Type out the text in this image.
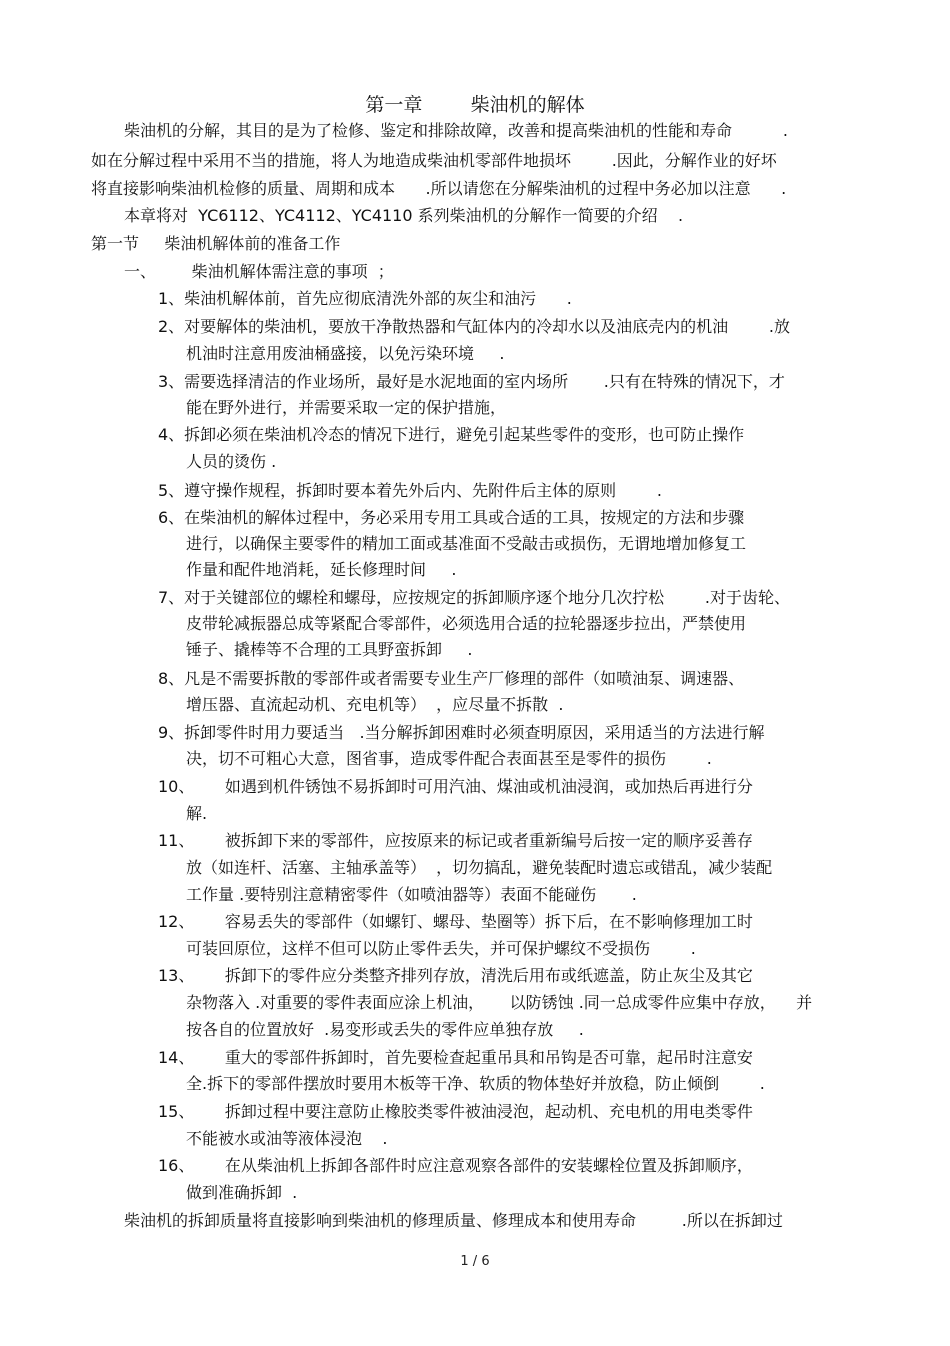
第一章        柴油机的解体
柴油机的分解，其目的是为了检修、鉴定和排除故障，改善和提高柴油机的性能和寿命          .
如在分解过程中采用不当的措施，将人为地造成柴油机零部件地损坏        .因此，分解作业的好坏
将直接影响柴油机检修的质量、周期和成本      .所以请您在分解柴油机的过程中务必加以注意      .
本章将对  YC6112、YC4112、YC4110 系列柴油机的分解作一简要的介绍    .
第一节     柴油机解体前的准备工作
一、       柴油机解体需注意的事项  ；
1、柴油机解体前，首先应彻底清洗外部的灰尘和油污      .
2、对要解体的柴油机，要放干净散热器和气缸体内的冷却水以及油底壳内的机油        .放
机油时注意用废油桶盛接，以免污染环境     .
3、需要选择清洁的作业场所，最好是水泥地面的室内场所       .只有在特殊的情况下，才
能在野外进行，并需要采取一定的保护措施，
4、拆卸必须在柴油机冷态的情况下进行，避免引起某些零件的变形，也可防止操作
人员的烫伤 .
5、遵守操作规程，拆卸时要本着先外后内、先附件后主体的原则        .
6、在柴油机的解体过程中，务必采用专用工具或合适的工具，按规定的方法和步骤
进行，以确保主要零件的精加工面或基准面不受敲击或损伤，无谓地增加修复工
作量和配件地消耗，延长修理时间     .
7、对于关键部位的螺栓和螺母，应按规定的拆卸顺序逐个地分几次拧松        .对于齿轮、
皮带轮减振器总成等紧配合零部件，必须选用合适的拉轮器逐步拉出，严禁使用
锤子、撬棒等不合理的工具野蛮拆卸     .
8、凡是不需要拆散的零部件或者需要专业生产厂修理的部件（如喷油泵、调速器、
增压器、直流起动机、充电机等）  ，应尽量不拆散  .
9、拆卸零件时用力要适当   .当分解拆卸困难时必须查明原因，采用适当的方法进行解
决，切不可粗心大意，图省事，造成零件配合表面甚至是零件的损伤        .
10、      如遇到机件锈蚀不易拆卸时可用汽油、煤油或机油浸润，或加热后再进行分
解.
11、      被拆卸下来的零部件，应按原来的标记或者重新编号后按一定的顺序妥善存
放（如连杆、活塞、主轴承盖等）  ，切勿搞乱，避免装配时遗忘或错乱，减少装配
工作量 .要特别注意精密零件（如喷油器等）表面不能碰伤       .
12、      容易丢失的零部件（如螺钉、螺母、垫圈等）拆下后，在不影响修理加工时
可装回原位，这样不但可以防止零件丢失，并可保护螺纹不受损伤        .
13、      拆卸下的零件应分类整齐排列存放，清洗后用布或纸遮盖，防止灰尘及其它
杂物落入 .对重要的零件表面应涂上机油，     以防锈蚀 .同一总成零件应集中存放，    并
按各自的位置放好  .易变形或丢失的零件应单独存放     .
14、      重大的零部件拆卸时，首先要检查起重吊具和吊钩是否可靠，起吊时注意安
全.拆下的零部件摆放时要用木板等干净、软质的物体垫好并放稳，防止倾倒        .
15、      拆卸过程中要注意防止橡胶类零件被油浸泡，起动机、充电机的用电类零件
不能被水或油等液体浸泡    .
16、      在从柴油机上拆卸各部件时应注意观察各部件的安装螺栓位置及拆卸顺序，
做到准确拆卸  .
柴油机的拆卸质量将直接影响到柴油机的修理质量、修理成本和使用寿命         .所以在拆卸过
1 / 6
